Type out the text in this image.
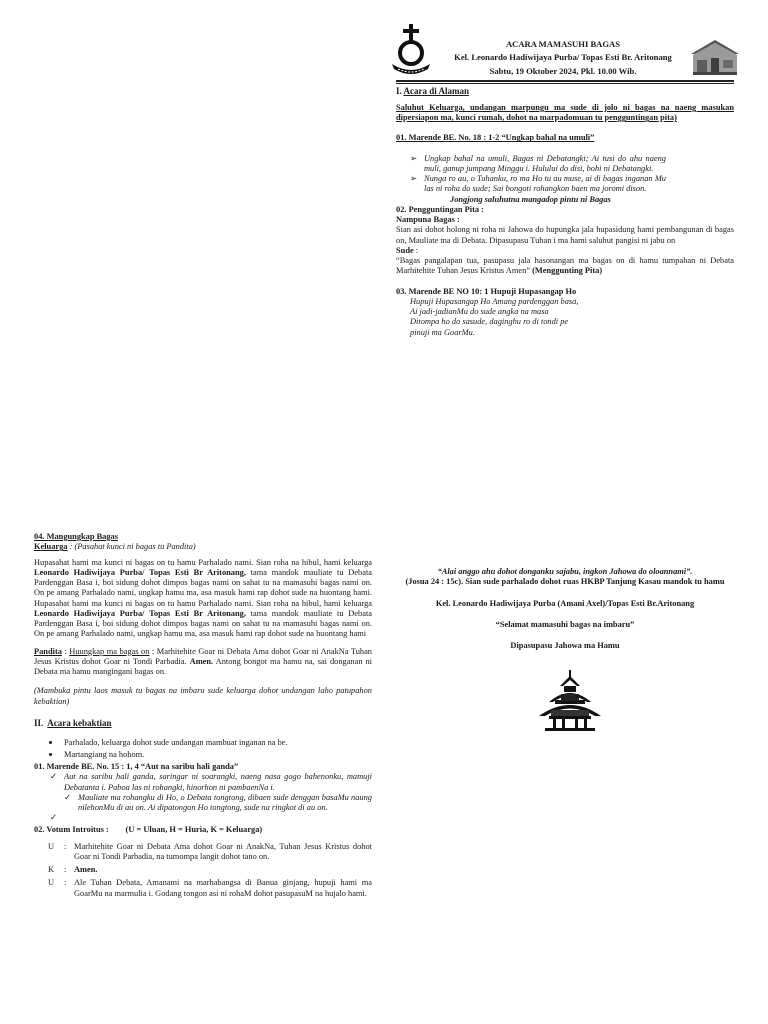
ACARA MAMASUHI BAGAS
Kel. Leonardo Hadiwijaya Purba/ Topas Esti Br. Aritonang
Sabtu, 19 Oktober 2024, Pkl. 10.00 Wib.
I. Acara di Alaman

Saluhut Keluarga, undangan marpungu ma sude di jolo ni bagas na naeng masukan dipersiapon ma, kunci rumah, dohot na marpadomuan tu pengguntingan pita)

01. Marende BE. No. 18 : 1-2 “Ungkap bahal na umuli”

➢ Ungkap bahal na umuli, Bagas ni Debatangki; Ai tusi do ahu naeng muli, ganup jumpang Minggu i. Hulului do disi, bohi ni Debatangki.
➢ Nunga ro au, o Tuhanku, ro ma Ho tu au muse, ai di bagas inganan Mu las ni roha do sude; Sai bongoti rohangkon baen ma joromi dison.

Jongjong saluhutna mangadop pintu ni Bagas

02. Pengguntingan Pita :

Nampuna Bagas :

Sian asi dohot holong ni roha ni Jahowa do hupungka jala hupasidung hami pembangunan di bagas on, Mauliate ma di Debata. Dipasupasu Tuhan i ma hami saluhut pangisi ni jabu on

Sude :

“Bagas pangalapan tua, pasupasu jala hasonangan ma bagas on di hamu tumpahan ni Debata Marhitehite Tuhan Jesus Kristus Amen” (Menggunting Pita)

03. Marende BE NO 10: 1 Hupuji Hupasangap Ho

Hupuji Hupasangap Ho Amang pardenggan basa,
Ai jadi-jadianMu do sude angka na masa
Ditompa ho do sasude, daginghu ro di tondi pe
pinuji ma GoarMu.

04. Mangungkap Bagas

Keluarga : (Pasahat kunci ni bagas tu Pandita)

Hupasahat hami ma kunci ni bagas on tu hamu Parhalado nami. Sian roha na hibul, hami keluarga Leonardo Hadiwijaya Purba/ Topas Esti Br Aritonang, tama mandok mauliate tu Debata Pardenggan Basa i, boi sidung dohot dimpos bagas nami on sahat tu na mamasuhi bagas nami on. On pe amang Parhalado nami, ungkap hamu ma, asa masuk hami rap dohot sude na huontang hami. Hupasahat hami ma kunci ni bagas on tu hamu Parhalado nami. Sian roha na hibul, hami keluarga Leonardo Hadiwijaya Purba/ Topas Esti Br Aritonang, tama mandok mauliate tu Debata Pardenggan Basa i, boi sidung dohot dimpos bagas nami on sahat tu na mamasuhi bagas nami on. On pe amang Parhalado nami, ungkap hamu ma, asa masuk hami rap dohot sude na huontang hami

Pandita : Huungkap ma bagas on : Marhitehite Goar ni Debata Ama dohot Goar ni AnakNa Tuhan Jesus Kristus dohot Goar ni Tondi Parbadia. Amen. Antong bongot ma hamu na, sai donganan ni Debata ma hamu mangingani bagas on.

(Mambuka pintu laos masuk tu bagas na imbaru sude keluarga dohot undangan laho patupahon kebaktian)

II. Acara kebaktian

Parhalado, keluarga dohot sude undangan mambuat inganan na be.
Martangiang na hohom.

01. Marende BE. No. 15 : 1, 4 “Aut na saribu hali ganda”

✓ Aut na saribu hali ganda, saringar ni soarangki, naeng nasa gogo bahenonku, mamuji Debatanta i. Paboa las ni rohangki, hinorhon ni pambaenNa i.
✓ Mauliate ma rohangku di Ho, o Debata tongtong, dibaen sude denggan basaMu naung nilehonMu di au on. Ai dipatongon Ho tongtong, sude na ringkot di au on.
✓

02. Votum Introitus : (U = Uluan, H = Huria, K = Keluarga)

U	: Marhitehite Goar ni Debata Ama dohot Goar ni AnakNa, Tuhan Jesus Kristus dohot Goar ni Tondi Parbadia, na tumompa langit dohot tano on.
K	: Amen.
U	: Ale Tuhan Debata, Amanami na marhabangsa di Banua ginjang, hupuji hami ma GoarMu na marmulia i. Godang tongon asi ni rohaM dohot pasupasuM na hujalo hami.

“Alai anggo ahu dohot donganku sajabu, ingkon Jahowa do oloannami”.

(Josua 24 : 15c). Sian sude parhalado dohot ruas HKBP Tanjung Kasau mandok tu hamu

Kel. Leonardo Hadiwijaya Purba (Amani Axel)/Topas Esti Br.Aritonang

“Selamat mamasuhi bagas na imbaru”

Dipasupasu Jahowa ma Hamu
